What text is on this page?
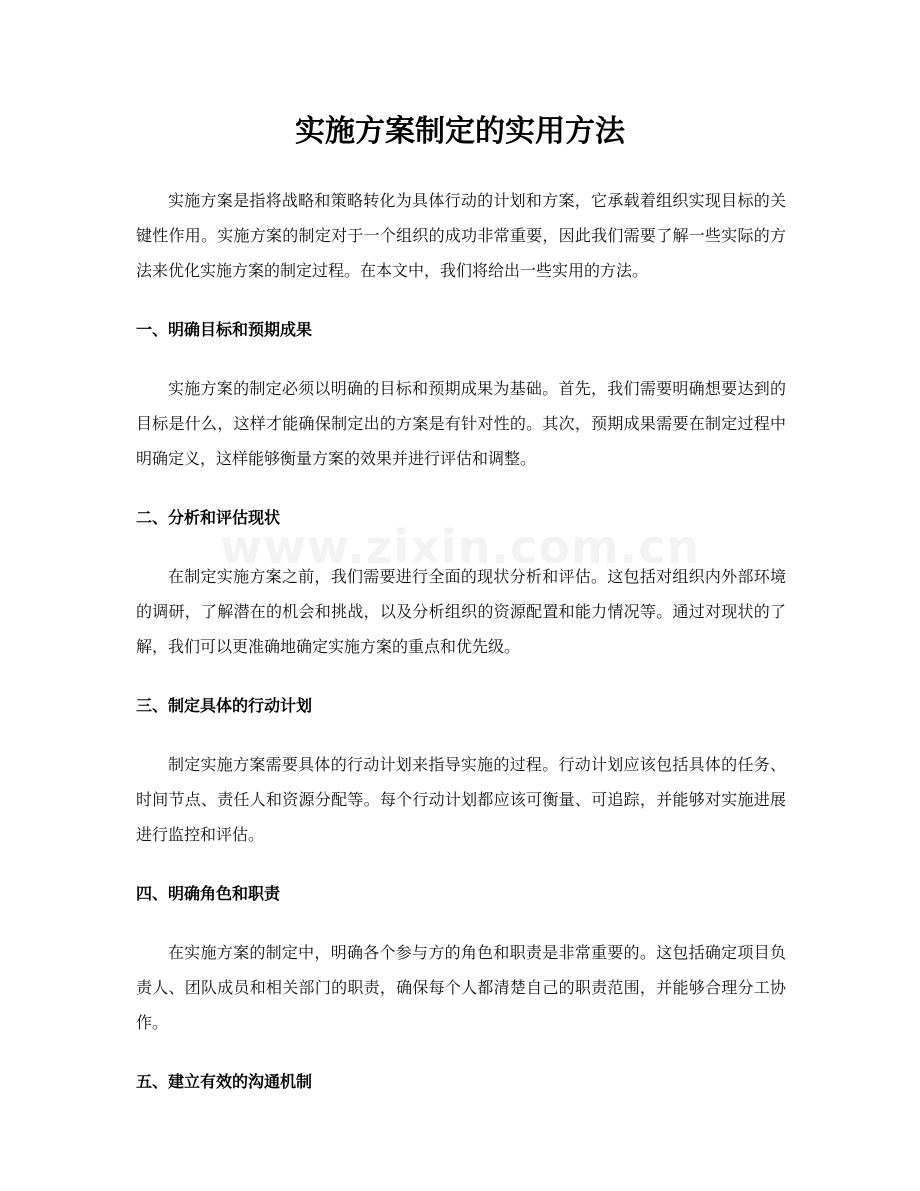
www.zixin.com.cn
实施方案制定的实用方法

实施方案是指将战略和策略转化为具体行动的计划和方案，它承载着组织实现目标的关键性作用。实施方案的制定对于一个组织的成功非常重要，因此我们需要了解一些实际的方法来优化实施方案的制定过程。在本文中，我们将给出一些实用的方法。

一、明确目标和预期成果

实施方案的制定必须以明确的目标和预期成果为基础。首先，我们需要明确想要达到的目标是什么，这样才能确保制定出的方案是有针对性的。其次，预期成果需要在制定过程中明确定义，这样能够衡量方案的效果并进行评估和调整。

二、分析和评估现状

在制定实施方案之前，我们需要进行全面的现状分析和评估。这包括对组织内外部环境的调研，了解潜在的机会和挑战，以及分析组织的资源配置和能力情况等。通过对现状的了解，我们可以更准确地确定实施方案的重点和优先级。

三、制定具体的行动计划

制定实施方案需要具体的行动计划来指导实施的过程。行动计划应该包括具体的任务、时间节点、责任人和资源分配等。每个行动计划都应该可衡量、可追踪，并能够对实施进展进行监控和评估。

四、明确角色和职责

在实施方案的制定中，明确各个参与方的角色和职责是非常重要的。这包括确定项目负责人、团队成员和相关部门的职责，确保每个人都清楚自己的职责范围，并能够合理分工协作。

五、建立有效的沟通机制
